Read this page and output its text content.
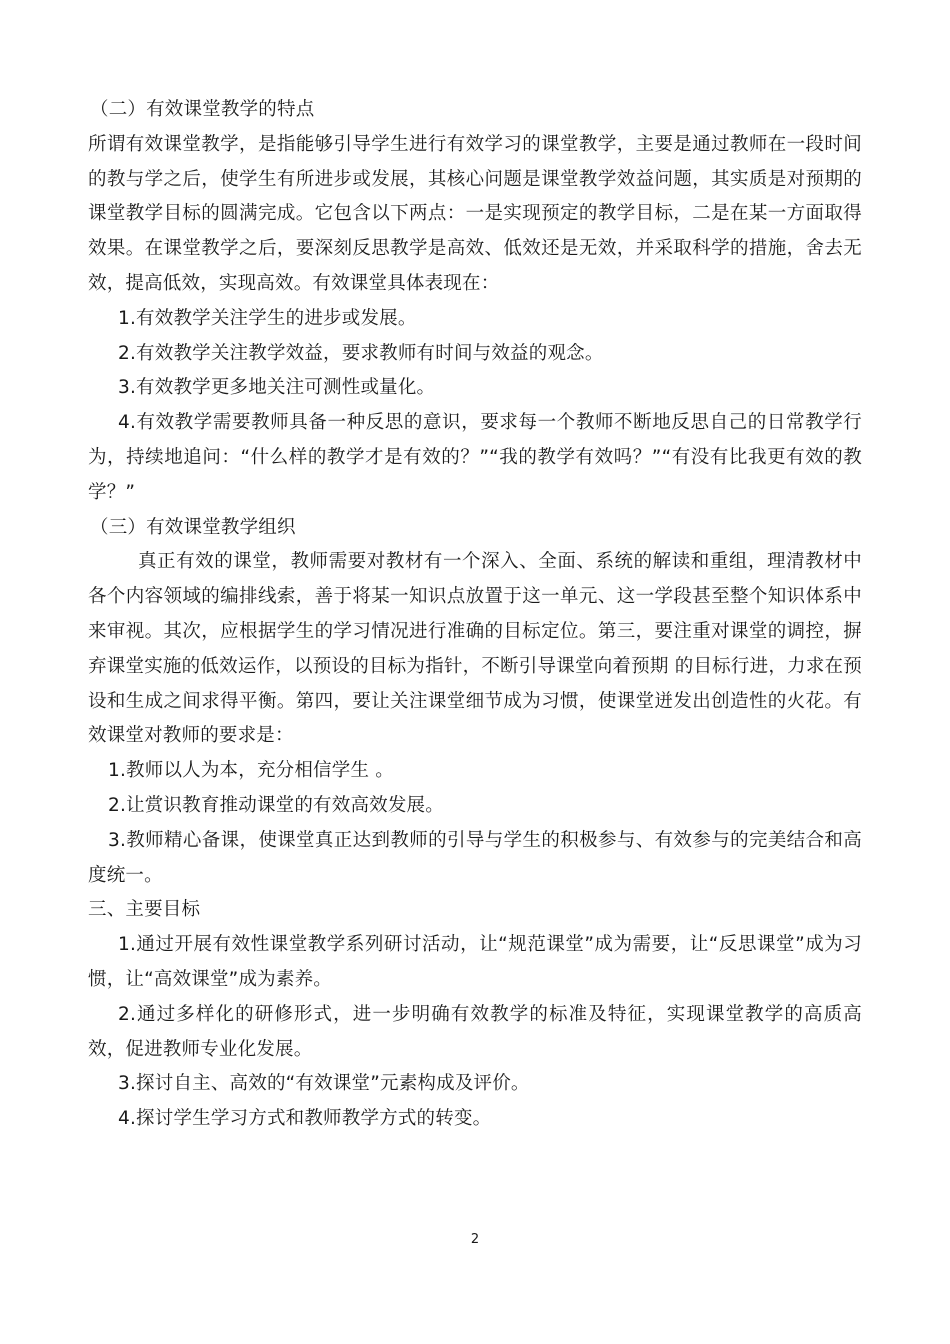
（二）有效课堂教学的特点

所谓有效课堂教学，是指能够引导学生进行有效学习的课堂教学，主要是通过教师在一段时间的教与学之后，使学生有所进步或发展，其核心问题是课堂教学效益问题，其实质是对预期的课堂教学目标的圆满完成。它包含以下两点：一是实现预定的教学目标，二是在某一方面取得效果。在课堂教学之后，要深刻反思教学是高效、低效还是无效，并采取科学的措施，舍去无效，提高低效，实现高效。有效课堂具体表现在：

1.有效教学关注学生的进步或发展。

2.有效教学关注教学效益，要求教师有时间与效益的观念。

3.有效教学更多地关注可测性或量化。

4.有效教学需要教师具备一种反思的意识，要求每一个教师不断地反思自己的日常教学行为，持续地追问：“什么样的教学才是有效的？”“我的教学有效吗？”“有没有比我更有效的教学？”

（三）有效课堂教学组织

真正有效的课堂，教师需要对教材有一个深入、全面、系统的解读和重组，理清教材中各个内容领域的编排线索，善于将某一知识点放置于这一单元、这一学段甚至整个知识体系中来审视。其次，应根据学生的学习情况进行准确的目标定位。第三，要注重对课堂的调控，摒弃课堂实施的低效运作，以预设的目标为指针，不断引导课堂向着预期 的目标行进，力求在预设和生成之间求得平衡。第四，要让关注课堂细节成为习惯，使课堂迸发出创造性的火花。有效课堂对教师的要求是：

1.教师以人为本，充分相信学生 。

2.让赏识教育推动课堂的有效高效发展。

3.教师精心备课，使课堂真正达到教师的引导与学生的积极参与、有效参与的完美结合和高度统一。

三、主要目标

1.通过开展有效性课堂教学系列研讨活动，让“规范课堂”成为需要，让“反思课堂”成为习惯，让“高效课堂”成为素养。

2.通过多样化的研修形式，进一步明确有效教学的标准及特征，实现课堂教学的高质高效，促进教师专业化发展。

3.探讨自主、高效的“有效课堂”元素构成及评价。

4.探讨学生学习方式和教师教学方式的转变。

2
